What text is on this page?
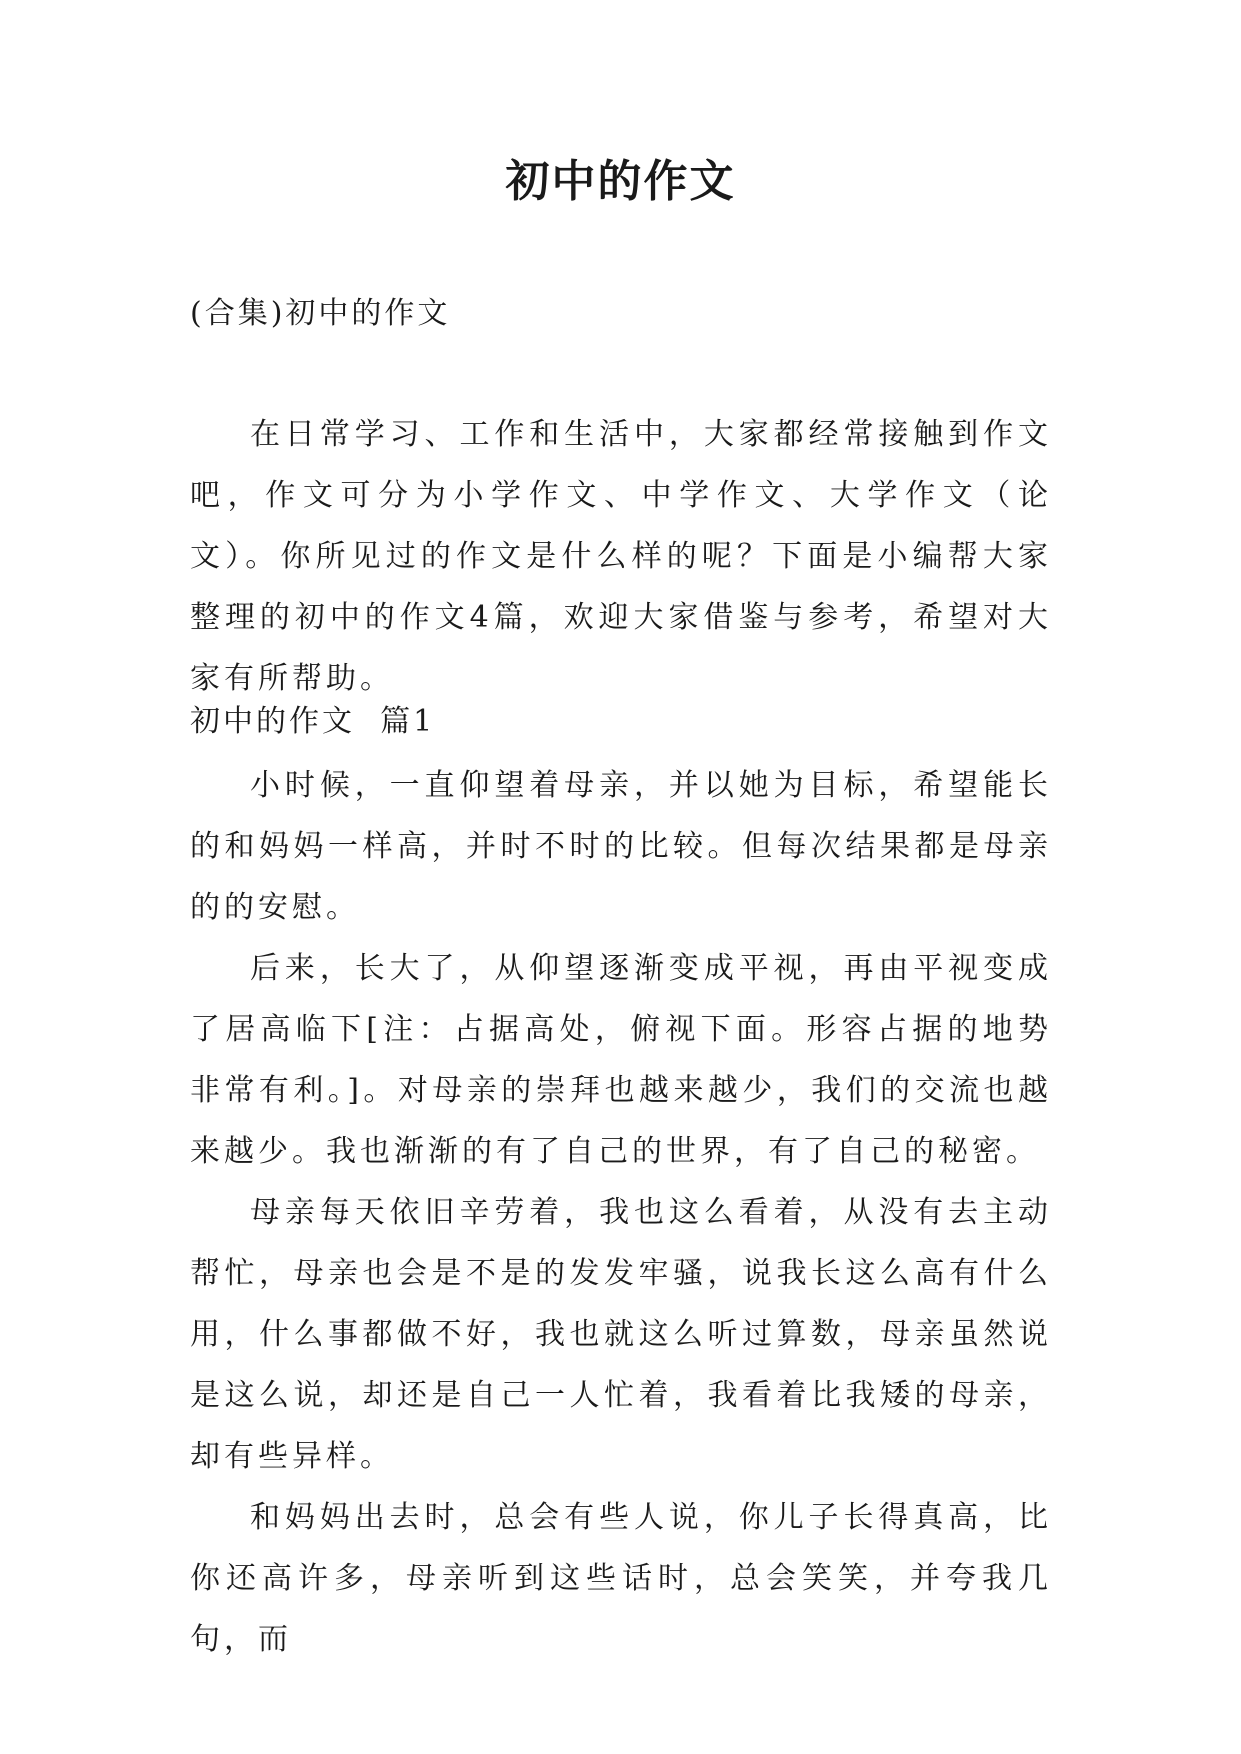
初中的作文
(合集)初中的作文

在日常学习、工作和生活中，大家都经常接触到作文吧，作文可分为小学作文、中学作文、大学作文（论文）。你所见过的作文是什么样的呢？下面是小编帮大家整理的初中的作文4篇，欢迎大家借鉴与参考，希望对大家有所帮助。

初中的作文  篇1

小时候，一直仰望着母亲，并以她为目标，希望能长的和妈妈一样高，并时不时的比较。但每次结果都是母亲的的安慰。

后来，长大了，从仰望逐渐变成平视，再由平视变成了居高临下[注：占据高处，俯视下面。形容占据的地势非常有利。]。对母亲的崇拜也越来越少，我们的交流也越来越少。我也渐渐的有了自己的世界，有了自己的秘密。

母亲每天依旧辛劳着，我也这么看着，从没有去主动帮忙，母亲也会是不是的发发牢骚，说我长这么高有什么用，什么事都做不好，我也就这么听过算数，母亲虽然说是这么说，却还是自己一人忙着，我看着比我矮的母亲，却有些异样。

和妈妈出去时，总会有些人说，你儿子长得真高，比你还高许多，母亲听到这些话时，总会笑笑，并夸我几句，而
